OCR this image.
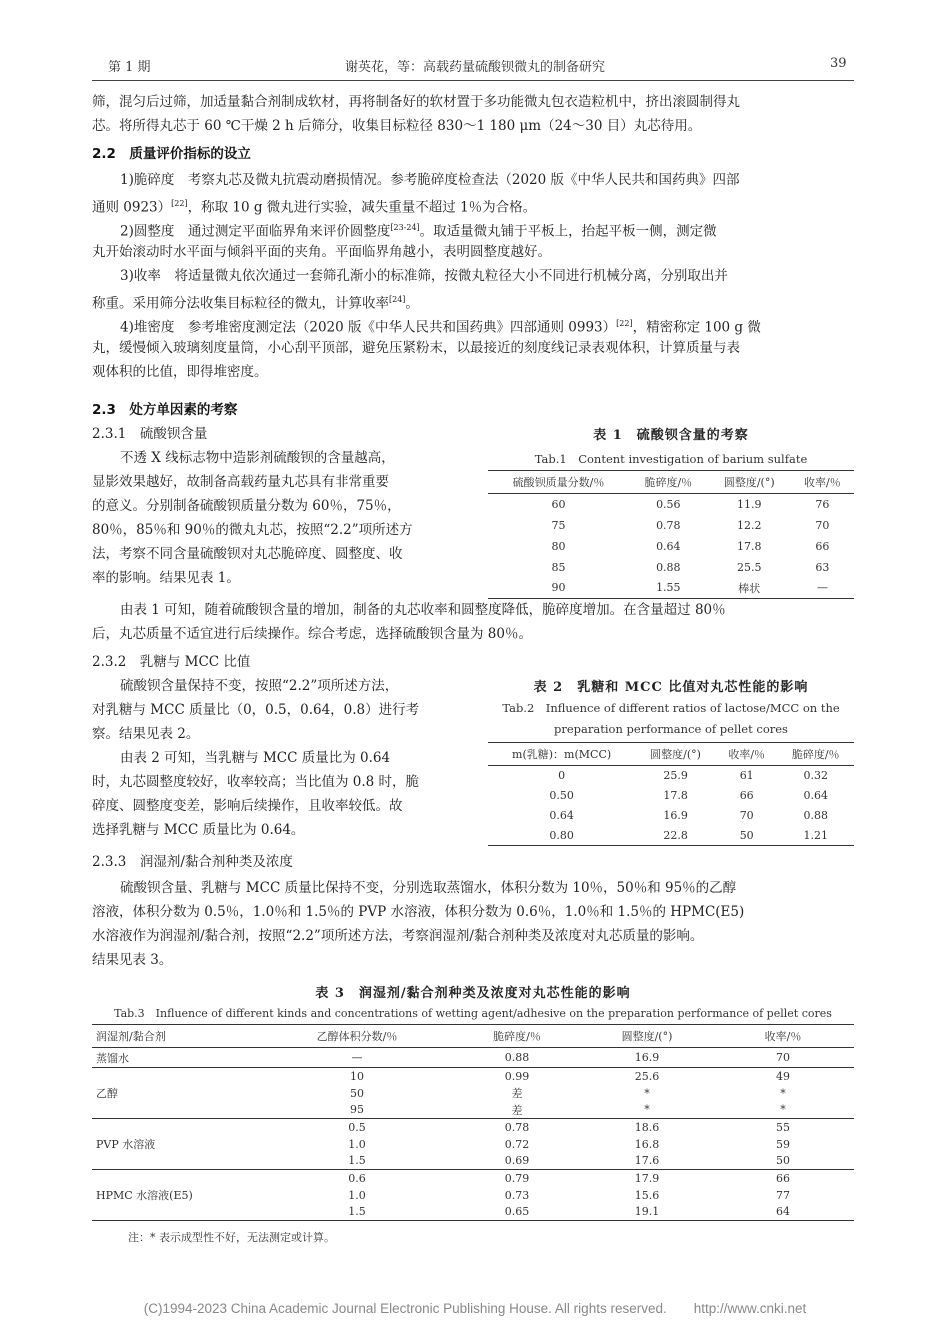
第 1 期	谢英花，等：高载药量硫酸钡微丸的制备研究	39
筛，混匀后过筛，加适量黏合剂制成软材，再将制备好的软材置于多功能微丸包衣造粒机中，挤出滚圆制得丸
芯。将所得丸芯于 60 ℃干燥 2 h 后筛分，收集目标粒径 830～1 180 μm（24～30 目）丸芯待用。
2.2　质量评价指标的设立
1)脆碎度　考察丸芯及微丸抗震动磨损情况。参考脆碎度检查法（2020 版《中华人民共和国药典》四部
通则 0923）[22]，称取 10 g 微丸进行实验，减失重量不超过 1％为合格。
2)圆整度　通过测定平面临界角来评价圆整度[23-24]。取适量微丸铺于平板上，抬起平板一侧，测定微
丸开始滚动时水平面与倾斜平面的夹角。平面临界角越小，表明圆整度越好。
3)收率　将适量微丸依次通过一套筛孔渐小的标准筛，按微丸粒径大小不同进行机械分离，分别取出并
称重。采用筛分法收集目标粒径的微丸，计算收率[24]。
4)堆密度　参考堆密度测定法（2020 版《中华人民共和国药典》四部通则 0993）[22]，精密称定 100 g 微
丸，缓慢倾入玻璃刻度量筒，小心刮平顶部，避免压紧粉末，以最接近的刻度线记录表观体积，计算质量与表
观体积的比值，即得堆密度。
2.3　处方单因素的考察
2.3.1　硫酸钡含量
不透 X 线标志物中造影剂硫酸钡的含量越高，
显影效果越好，故制备高载药量丸芯具有非常重要
的意义。分别制备硫酸钡质量分数为 60％，75％，
80％，85％和 90％的微丸丸芯，按照“2.2”项所述方
法，考察不同含量硫酸钡对丸芯脆碎度、圆整度、收
率的影响。结果见表 1。
表 1　硫酸钡含量的考察
Tab.1　Content investigation of barium sulfate
硫酸钡质量分数/％	脆碎度/％	圆整度/(°)	收率/％
60	0.56	11.9	76
75	0.78	12.2	70
80	0.64	17.8	66
85	0.88	25.5	63
90	1.55	棒状	—
由表 1 可知，随着硫酸钡含量的增加，制备的丸芯收率和圆整度降低，脆碎度增加。在含量超过 80％
后，丸芯质量不适宜进行后续操作。综合考虑，选择硫酸钡含量为 80％。
2.3.2　乳糖与 MCC 比值
硫酸钡含量保持不变，按照“2.2”项所述方法，
对乳糖与 MCC 质量比（0，0.5，0.64，0.8）进行考
察。结果见表 2。
由表 2 可知，当乳糖与 MCC 质量比为 0.64
时，丸芯圆整度较好，收率较高；当比值为 0.8 时，脆
碎度、圆整度变差，影响后续操作，且收率较低。故
选择乳糖与 MCC 质量比为 0.64。
表 2　乳糖和 MCC 比值对丸芯性能的影响
Tab.2　Influence of different ratios of lactose/MCC on the
preparation performance of pellet cores
m(乳糖)：m(MCC)	圆整度/(°)	收率/％	脆碎度/％
0	25.9	61	0.32
0.50	17.8	66	0.64
0.64	16.9	70	0.88
0.80	22.8	50	1.21
2.3.3　润湿剂/黏合剂种类及浓度
硫酸钡含量、乳糖与 MCC 质量比保持不变，分别选取蒸馏水，体积分数为 10％，50％和 95％的乙醇
溶液，体积分数为 0.5％，1.0％和 1.5％的 PVP 水溶液，体积分数为 0.6％，1.0％和 1.5％的 HPMC(E5)
水溶液作为润湿剂/黏合剂，按照“2.2”项所述方法，考察润湿剂/黏合剂种类及浓度对丸芯质量的影响。
结果见表 3。
表 3　润湿剂/黏合剂种类及浓度对丸芯性能的影响
Tab.3　Influence of different kinds and concentrations of wetting agent/adhesive on the preparation performance of pellet cores
润湿剂/黏合剂	乙醇体积分数/％	脆碎度/％	圆整度/(°)	收率/％
蒸馏水	—	0.88	16.9	70
乙醇	10	0.99	25.6	49
	50	差	*	*
	95	差	*	*
PVP 水溶液	0.5	0.78	18.6	55
	1.0	0.72	16.8	59
	1.5	0.69	17.6	50
HPMC 水溶液(E5)	0.6	0.79	17.9	66
	1.0	0.73	15.6	77
	1.5	0.65	19.1	64
注：* 表示成型性不好，无法测定或计算。
(C)1994-2023 China Academic Journal Electronic Publishing House. All rights reserved.　　http://www.cnki.net
